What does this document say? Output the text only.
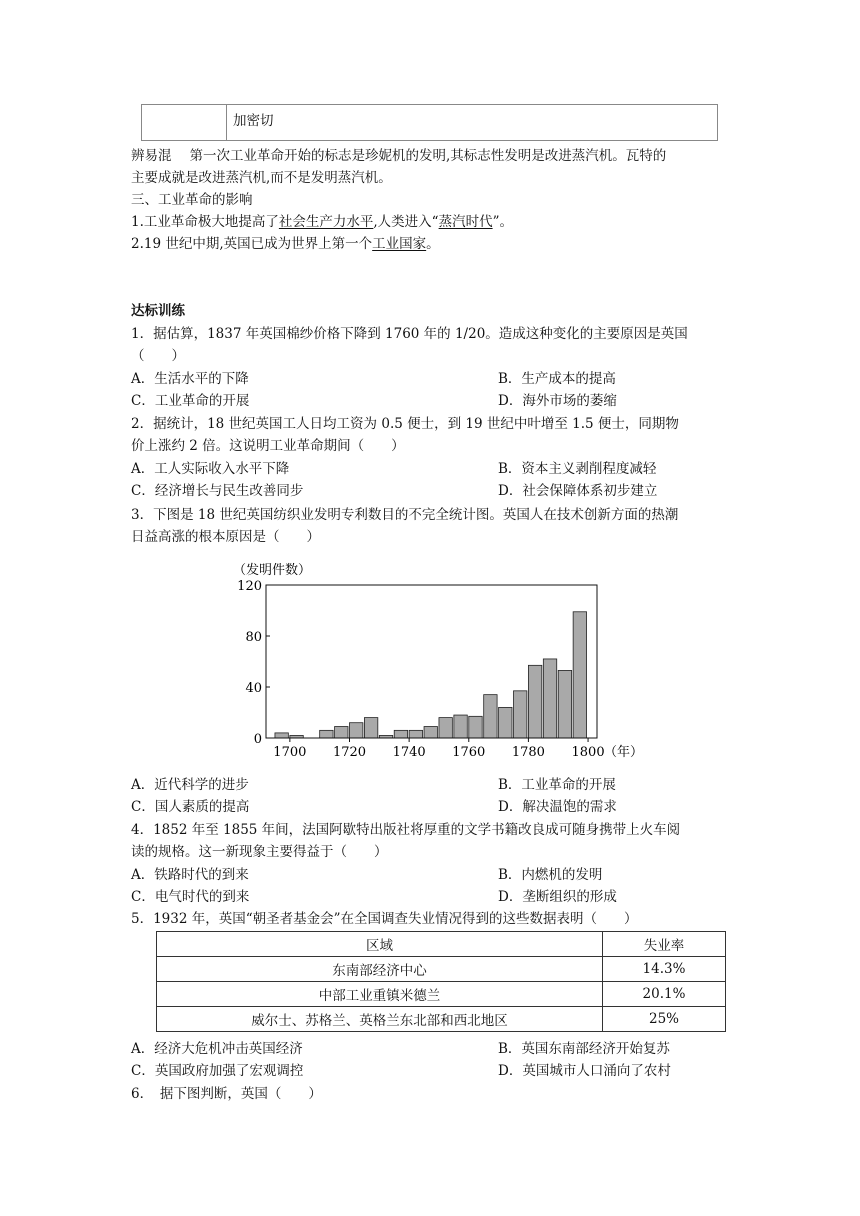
	加密切
辨易混 第一次工业革命开始的标志是珍妮机的发明,其标志性发明是改进蒸汽机。瓦特的
主要成就是改进蒸汽机,而不是发明蒸汽机。
三、工业革命的影响
1.工业革命极大地提高了社会生产力水平,人类进入“蒸汽时代”。
2.19 世纪中期,英国已成为世界上第一个工业国家。
达标训练
1．据估算，1837 年英国棉纱价格下降到 1760 年的 1/20。造成这种变化的主要原因是英国
（　　）
A．生活水平的下降	B．生产成本的提高
C．工业革命的开展	D．海外市场的萎缩
2．据统计，18 世纪英国工人日均工资为 0.5 便士，到 19 世纪中叶增至 1.5 便士，同期物
价上涨约 2 倍。这说明工业革命期间（　　）
A．工人实际收入水平下降	B．资本主义剥削程度减轻
C．经济增长与民生改善同步	D．社会保障体系初步建立
3．下图是 18 世纪英国纺织业发明专利数目的不完全统计图。英国人在技术创新方面的热潮
日益高涨的根本原因是（　　）
（发明件数）
0
40
80
120
1700 1720 1740 1760 1780 1800 （年）
A．近代科学的进步	B．工业革命的开展
C．国人素质的提高	D．解决温饱的需求
4．1852 年至 1855 年间，法国阿歇特出版社将厚重的文学书籍改良成可随身携带上火车阅
读的规格。这一新现象主要得益于（　　）
A．铁路时代的到来	B．内燃机的发明
C．电气时代的到来	D．垄断组织的形成
5．1932 年，英国“朝圣者基金会”在全国调查失业情况得到的这些数据表明（　　）
区域	失业率
东南部经济中心	14.3%
中部工业重镇米德兰	20.1%
威尔士、苏格兰、英格兰东北部和西北地区	25%
A．经济大危机冲击英国经济	B．英国东南部经济开始复苏
C．英国政府加强了宏观调控	D．英国城市人口涌向了农村
6．　据下图判断，英国（　　）
